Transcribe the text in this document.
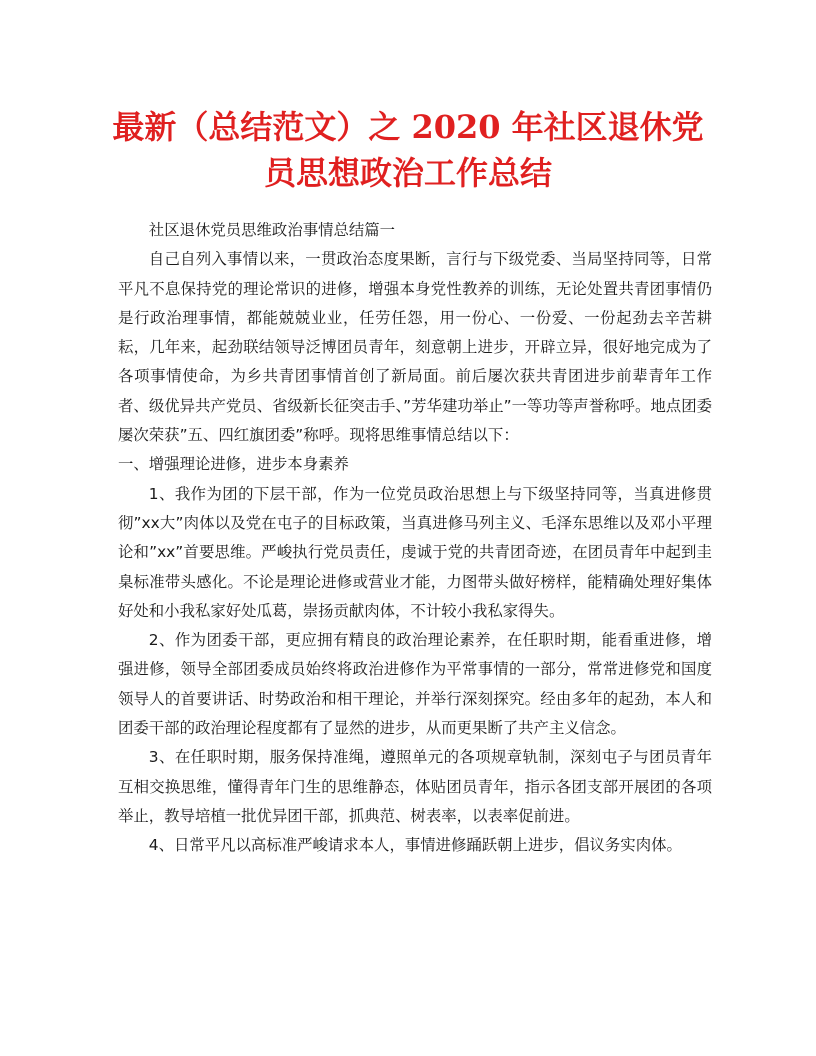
最新（总结范文）之 2020 年社区退休党
员思想政治工作总结

社区退休党员思维政治事情总结篇一

自己自列入事情以来，一贯政治态度果断，言行与下级党委、当局坚持同等，日常平凡不息保持党的理论常识的进修，增强本身党性教养的训练，无论处置共青团事情仍是行政治理事情，都能兢兢业业，任劳任怨，用一份心、一份爱、一份起劲去辛苦耕耘，几年来，起劲联结领导泛博团员青年，刻意朝上进步，开辟立异，很好地完成为了各项事情使命，为乡共青团事情首创了新局面。前后屡次获共青团进步前辈青年工作者、级优异共产党员、省级新长征突击手、”芳华建功举止”一等功等声誉称呼。地点团委屡次荣获”五、四红旗团委”称呼。现将思维事情总结以下：

一、增强理论进修，进步本身素养

1、我作为团的下层干部，作为一位党员政治思想上与下级坚持同等，当真进修贯彻”xx大”肉体以及党在屯子的目标政策，当真进修马列主义、毛泽东思维以及邓小平理论和”xx”首要思维。严峻执行党员责任，虔诚于党的共青团奇迹，在团员青年中起到圭臬标准带头感化。不论是理论进修或营业才能，力图带头做好榜样，能精确处理好集体好处和小我私家好处瓜葛，崇扬贡献肉体，不计较小我私家得失。

2、作为团委干部，更应拥有精良的政治理论素养，在任职时期，能看重进修，增强进修，领导全部团委成员始终将政治进修作为平常事情的一部分，常常进修党和国度领导人的首要讲话、时势政治和相干理论，并举行深刻探究。经由多年的起劲，本人和团委干部的政治理论程度都有了显然的进步，从而更果断了共产主义信念。

3、在任职时期，服务保持准绳，遵照单元的各项规章轨制，深刻屯子与团员青年互相交换思维，懂得青年门生的思维静态，体贴团员青年，指示各团支部开展团的各项举止，教导培植一批优异团干部，抓典范、树表率，以表率促前进。

4、日常平凡以高标准严峻请求本人，事情进修踊跃朝上进步，倡议务实肉体。
